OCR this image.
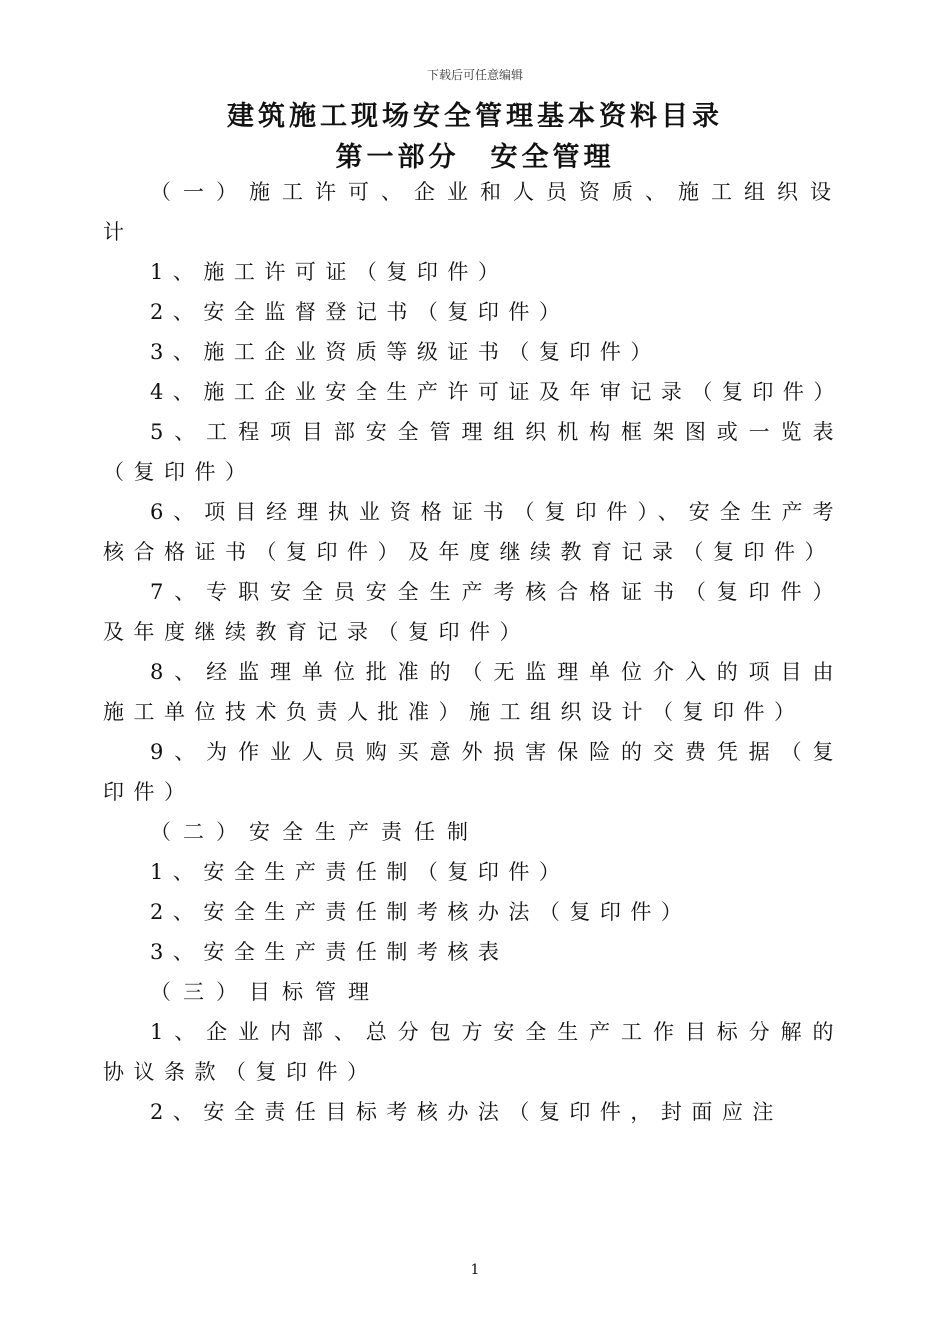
下载后可任意编辑
建筑施工现场安全管理基本资料目录
第一部分　安全管理

（一）施工许可、企业和人员资质、施工组织设计

1、施工许可证（复印件）

2、安全监督登记书（复印件）

3、施工企业资质等级证书（复印件）

4、施工企业安全生产许可证及年审记录（复印件）

5、工程项目部安全管理组织机构框架图或一览表（复印件）

6、项目经理执业资格证书（复印件）、安全生产考核合格证书（复印件）及年度继续教育记录（复印件）

7、专职安全员安全生产考核合格证书（复印件）及年度继续教育记录（复印件）

8、经监理单位批准的（无监理单位介入的项目由施工单位技术负责人批准）施工组织设计（复印件）

9、为作业人员购买意外损害保险的交费凭据（复印件）

（二）安全生产责任制

1、安全生产责任制（复印件）

2、安全生产责任制考核办法（复印件）

3、安全生产责任制考核表

（三）目标管理

1、企业内部、总分包方安全生产工作目标分解的协议条款（复印件）

2、安全责任目标考核办法（复印件，封面应注

1
